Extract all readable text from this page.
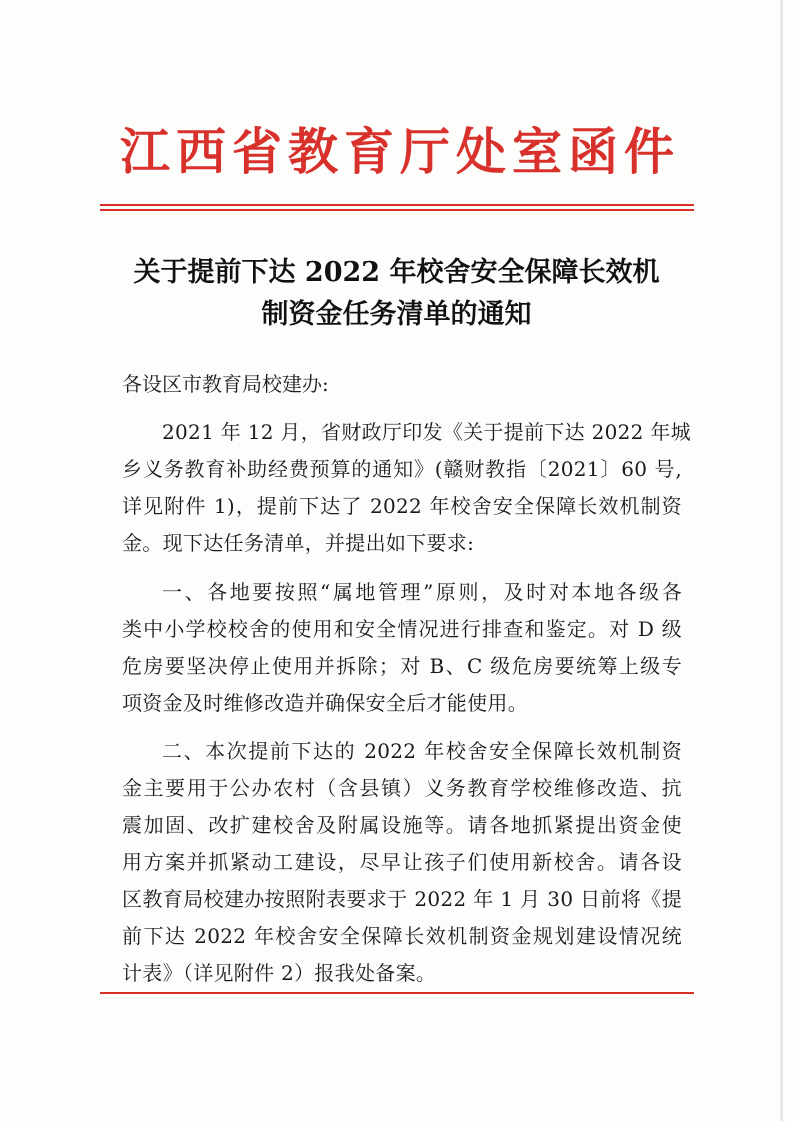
江西省教育厅处室函件
关于提前下达 2022 年校舍安全保障长效机
制资金任务清单的通知
各设区市教育局校建办:
2021 年 12 月，省财政厅印发《关于提前下达 2022 年城
乡义务教育补助经费预算的通知》(赣财教指〔2021〕60 号,
详见附件 1)，提前下达了 2022 年校舍安全保障长效机制资
金。现下达任务清单，并提出如下要求:
一、各地要按照“属地管理”原则，及时对本地各级各
类中小学校校舍的使用和安全情况进行排查和鉴定。对 D 级
危房要坚决停止使用并拆除；对 B、C 级危房要统筹上级专
项资金及时维修改造并确保安全后才能使用。
二、本次提前下达的 2022 年校舍安全保障长效机制资
金主要用于公办农村（含县镇）义务教育学校维修改造、抗
震加固、改扩建校舍及附属设施等。请各地抓紧提出资金使
用方案并抓紧动工建设，尽早让孩子们使用新校舍。请各设
区教育局校建办按照附表要求于 2022 年 1 月 30 日前将《提
前下达 2022 年校舍安全保障长效机制资金规划建设情况统
计表》（详见附件 2）报我处备案。
